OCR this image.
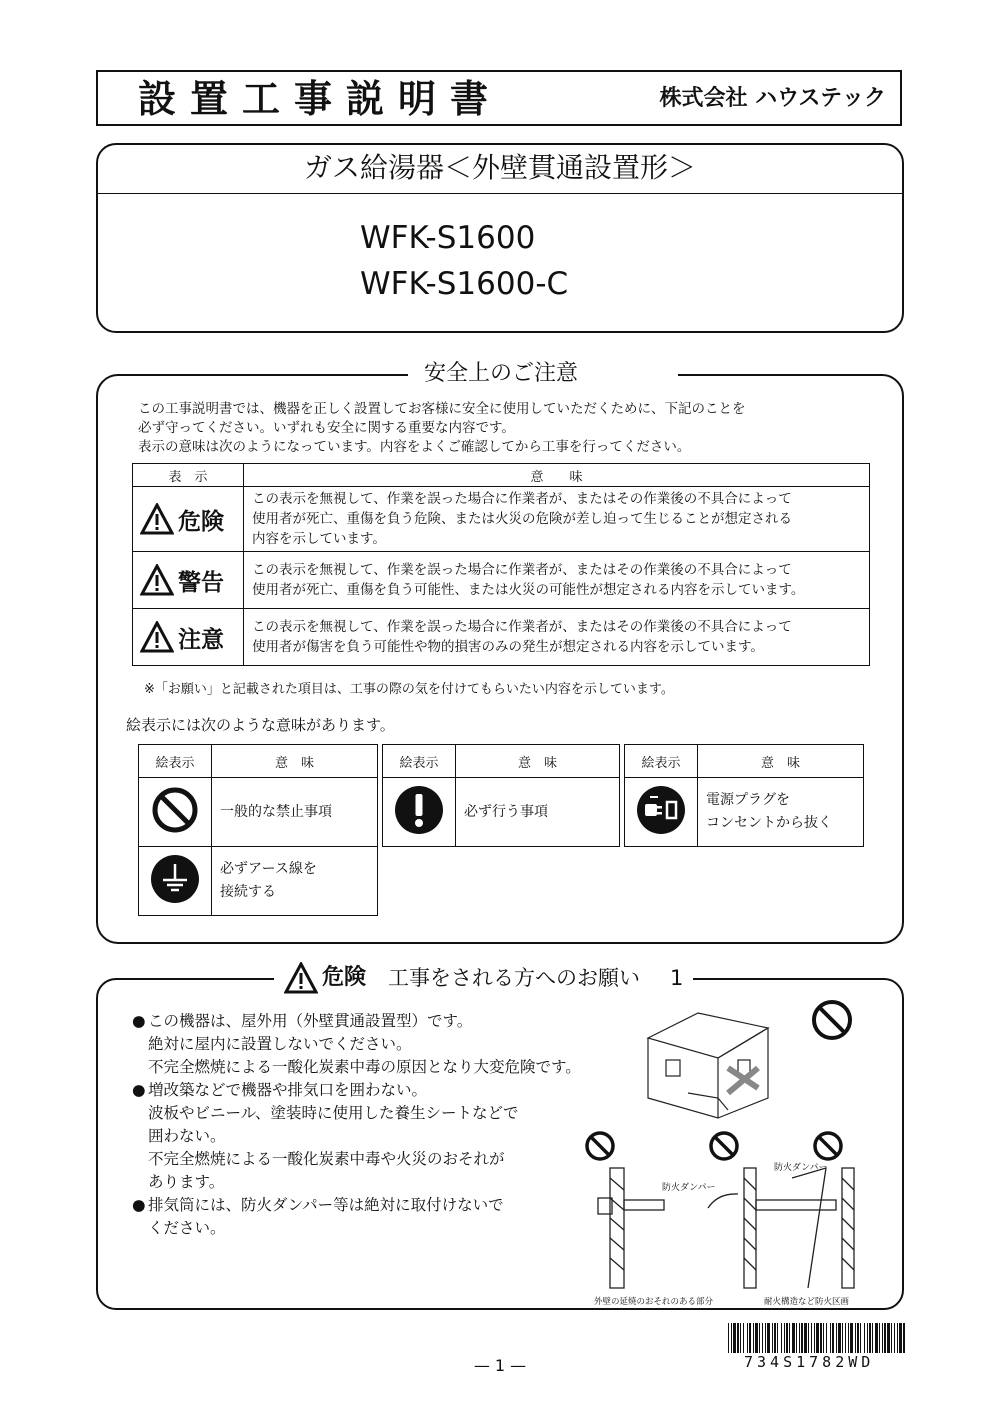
設置工事説明書	株式会社 ハウステック
ガス給湯器＜外壁貫通設置形＞
WFK-S1600
WFK-S1600-C
安全上のご注意
この工事説明書では、機器を正しく設置してお客様に安全に使用していただくために、下記のことを
必ず守ってください。いずれも安全に関する重要な内容です。
表示の意味は次のようになっています。内容をよくご確認してから工事を行ってください。
表　示	意　　味

危険	この表示を無視して、作業を誤った場合に作業者が、またはその作業後の不具合によって
使用者が死亡、重傷を負う危険、または火災の危険が差し迫って生じることが想定される
内容を示しています。

警告	この表示を無視して、作業を誤った場合に作業者が、またはその作業後の不具合によって
使用者が死亡、重傷を負う可能性、または火災の可能性が想定される内容を示しています。

注意	この表示を無視して、作業を誤った場合に作業者が、またはその作業後の不具合によって
使用者が傷害を負う可能性や物的損害のみの発生が想定される内容を示しています。
※「お願い」と記載された項目は、工事の際の気を付けてもらいたい内容を示しています。
絵表示には次のような意味があります。
絵表示	意　味

一般的な禁止事項

必ずアース線を
接続する
絵表示	意　味

必ず行う事項
絵表示	意　味

電源プラグを
コンセントから抜く
危険 工事をされる方へのお願い 1
● この機器は、屋外用（外壁貫通設置型）です。
絶対に屋内に設置しないでください。
不完全燃焼による一酸化炭素中毒の原因となり大変危険です。
● 増改築などで機器や排気口を囲わない。
波板やビニール、塗装時に使用した養生シートなどで
囲わない。
不完全燃焼による一酸化炭素中毒や火災のおそれが
あります。
● 排気筒には、防火ダンパー等は絶対に取付けないで
ください。
防火ダンパー
防火ダンパー
外壁の延焼のおそれのある部分	耐火構造など防火区画
— 1 —	734S1782WD
